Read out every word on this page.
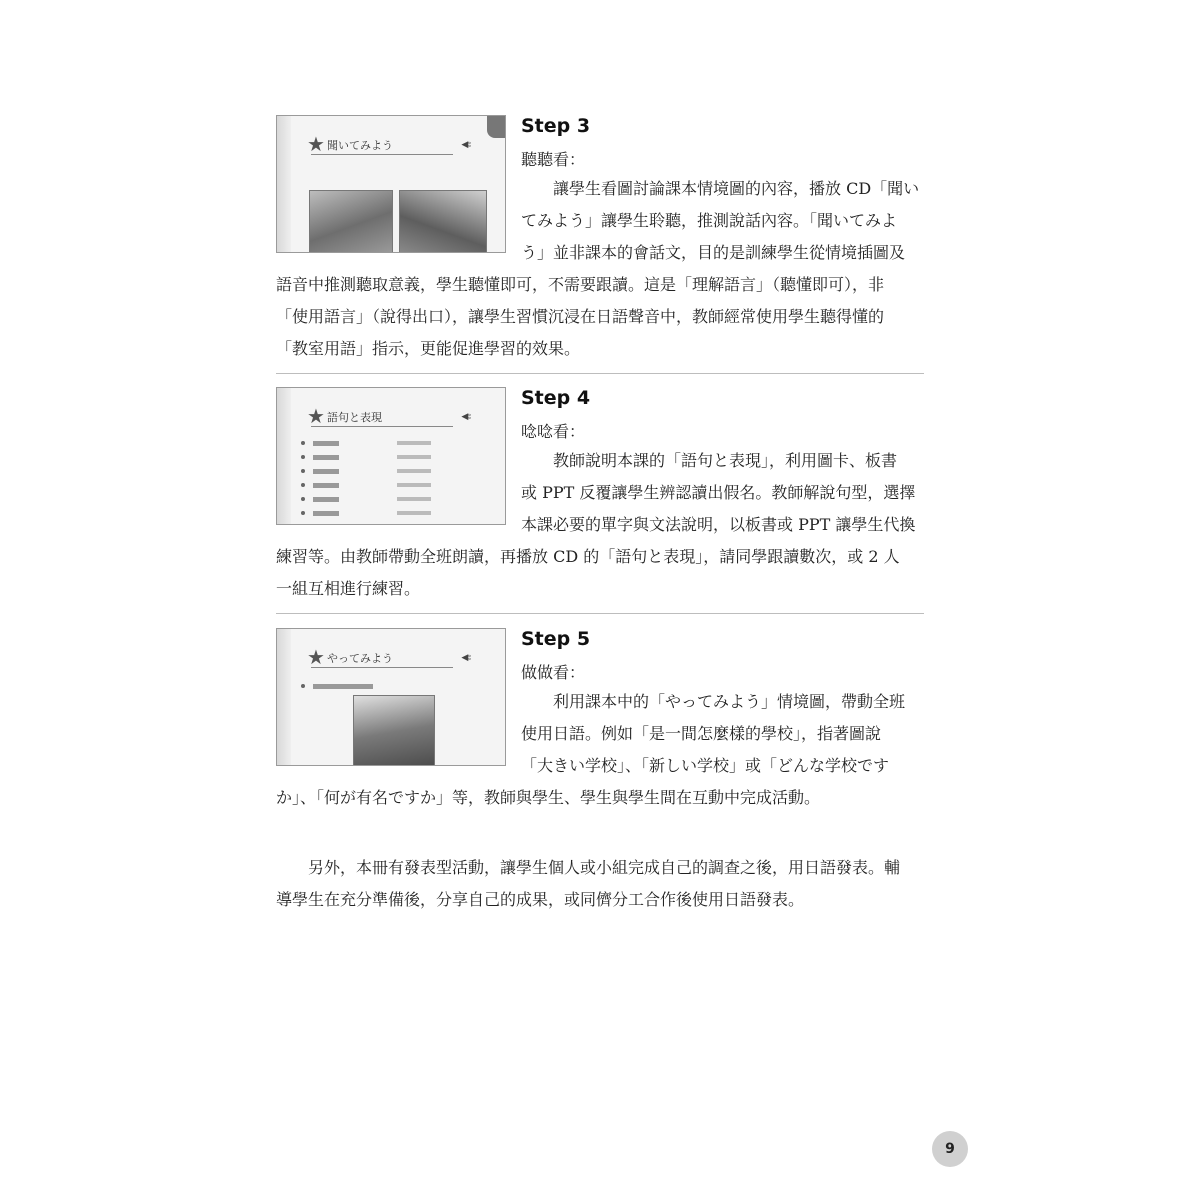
★ 聞いてみよう	◀⦂
Step 3
聽聽看：
讓學生看圖討論課本情境圖的內容，播放 CD「聞い
てみよう」讓學生聆聽，推測說話內容。「聞いてみよ
う」並非課本的會話文，目的是訓練學生從情境插圖及
語音中推測聽取意義，學生聽懂即可，不需要跟讀。這是「理解語言」（聽懂即可），非
「使用語言」（說得出口），讓學生習慣沉浸在日語聲音中，教師經常使用學生聽得懂的
「教室用語」指示，更能促進學習的效果。
★ 語句と表現	◀⦂
Step 4
唸唸看：
教師說明本課的「語句と表現」，利用圖卡、板書
或 PPT 反覆讓學生辨認讀出假名。教師解說句型，選擇
本課必要的單字與文法說明，以板書或 PPT 讓學生代換
練習等。由教師帶動全班朗讀，再播放 CD 的「語句と表現」，請同學跟讀數次，或 2 人
一組互相進行練習。
★ やってみよう	◀⦂
Step 5
做做看：
利用課本中的「やってみよう」情境圖，帶動全班
使用日語。例如「是一間怎麼樣的學校」，指著圖說
「大きい学校」、「新しい学校」或「どんな学校です
か」、「何が有名ですか」等，教師與學生、學生與學生間在互動中完成活動。
另外，本冊有發表型活動，讓學生個人或小組完成自己的調查之後，用日語發表。輔
導學生在充分準備後，分享自己的成果，或同儕分工合作後使用日語發表。
9
